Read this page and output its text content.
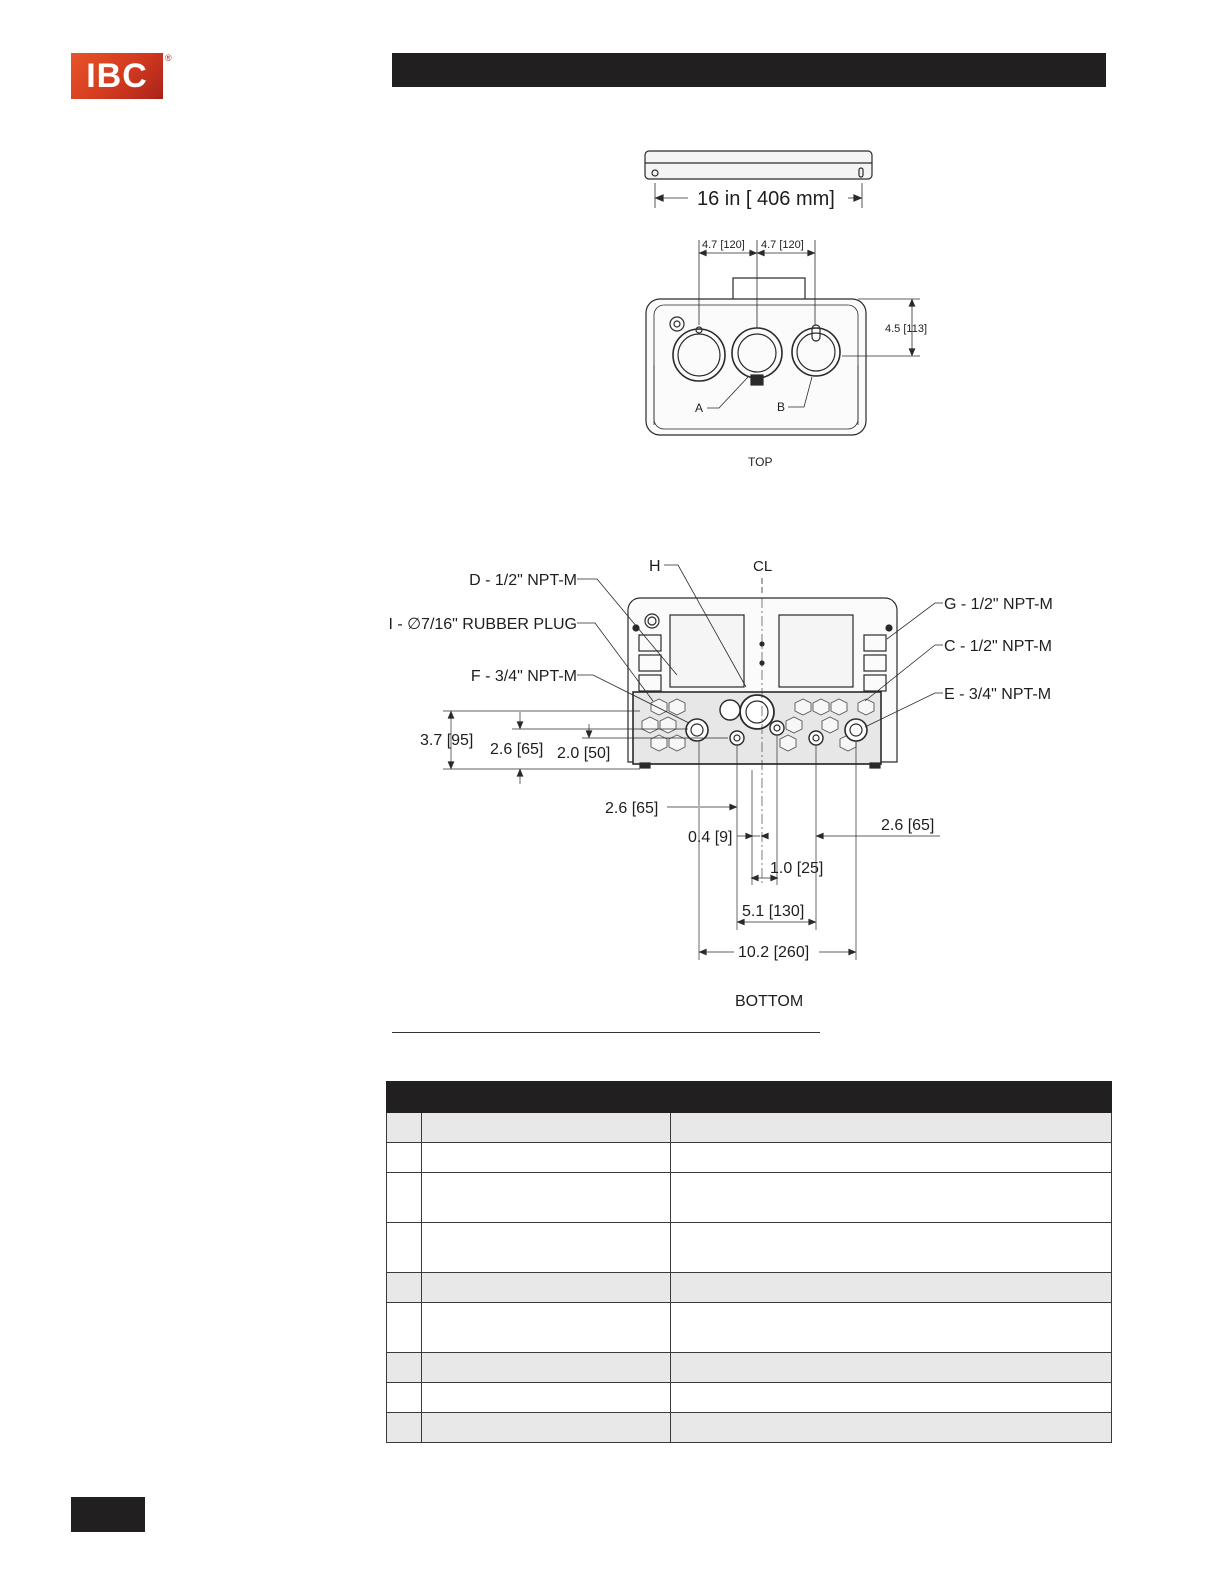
IBC ®
16 in [ 406 mm]
4.7 [120] 4.7 [120]
4.5 [113]
A	B
TOP
H	CL
D - 1/2" NPT-M
I - ∅7/16" RUBBER PLUG
F - 3/4" NPT-M
G - 1/2" NPT-M
C - 1/2" NPT-M
E - 3/4" NPT-M
3.7 [95]
2.6 [65] 2.0 [50]
2.6 [65]
0.4 [9]
2.6 [65]
1.0 [25]
5.1 [130]
10.2 [260]
BOTTOM
